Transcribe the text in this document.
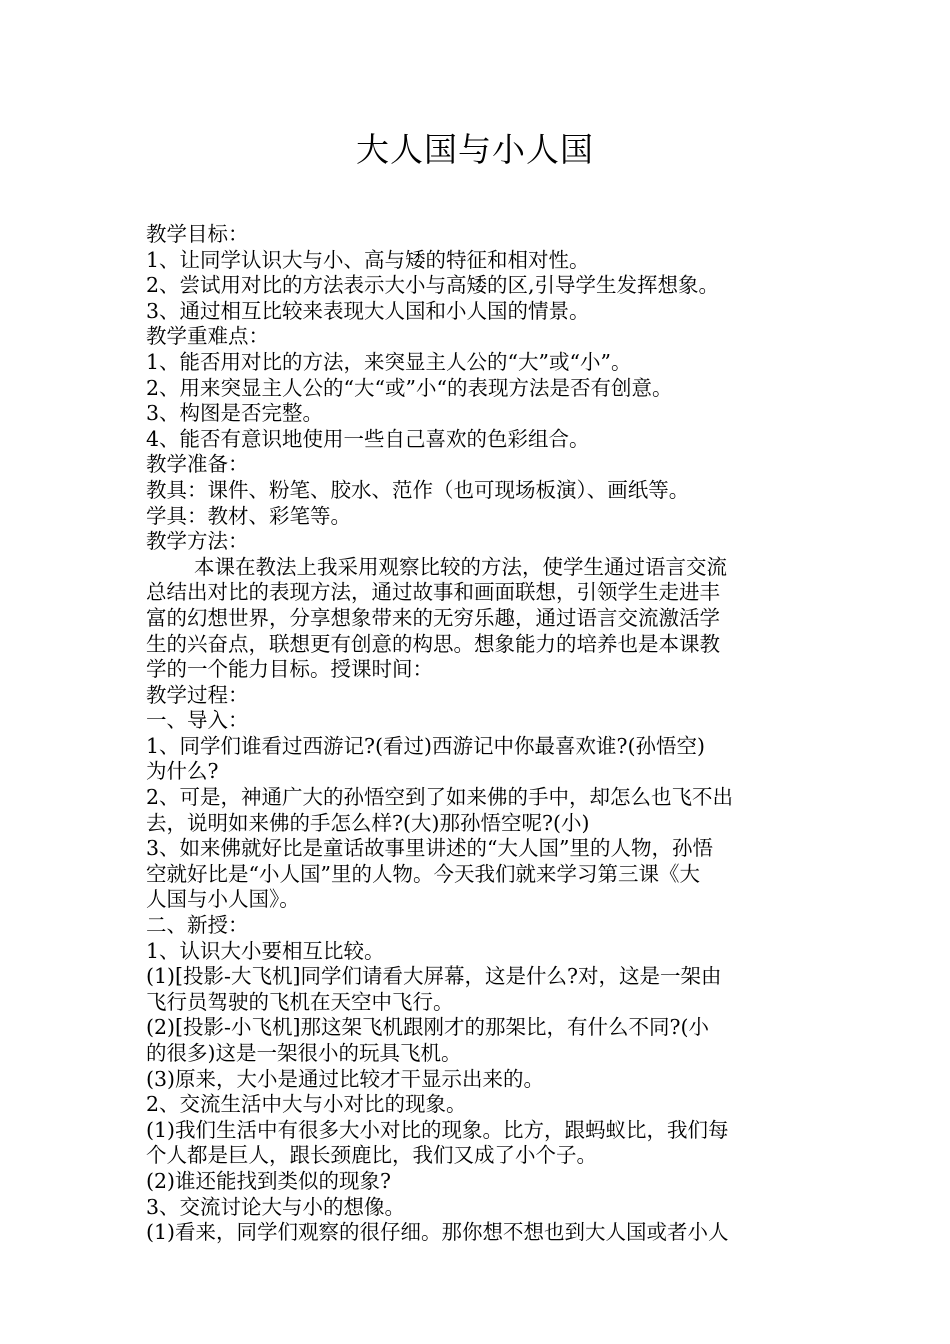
大人国与小人国
教学目标：
1、让同学认识大与小、高与矮的特征和相对性。
2、尝试用对比的方法表示大小与高矮的区,引导学生发挥想象。
3、通过相互比较来表现大人国和小人国的情景。
教学重难点：
1、能否用对比的方法，来突显主人公的“大”或“小”。
2、用来突显主人公的“大“或”小“的表现方法是否有创意。
3、构图是否完整。
4、能否有意识地使用一些自己喜欢的色彩组合。
教学准备：
教具：课件、粉笔、胶水、范作（也可现场板演）、画纸等。
学具：教材、彩笔等。
教学方法：
本课在教法上我采用观察比较的方法，使学生通过语言交流
总结出对比的表现方法，通过故事和画面联想，引领学生走进丰
富的幻想世界，分享想象带来的无穷乐趣，通过语言交流激活学
生的兴奋点，联想更有创意的构思。想象能力的培养也是本课教
学的一个能力目标。授课时间：
教学过程：
一、导入：
1、同学们谁看过西游记?(看过)西游记中你最喜欢谁?(孙悟空)
为什么?
2、可是，神通广大的孙悟空到了如来佛的手中，却怎么也飞不出
去，说明如来佛的手怎么样?(大)那孙悟空呢?(小)
3、如来佛就好比是童话故事里讲述的“大人国”里的人物，孙悟
空就好比是“小人国”里的人物。今天我们就来学习第三课《大
人国与小人国》。
二、新授：
1、认识大小要相互比较。
(1)[投影-大飞机]同学们请看大屏幕，这是什么?对，这是一架由
飞行员驾驶的飞机在天空中飞行。
(2)[投影-小飞机]那这架飞机跟刚才的那架比，有什么不同?(小
的很多)这是一架很小的玩具飞机。
(3)原来，大小是通过比较才干显示出来的。
2、交流生活中大与小对比的现象。
(1)我们生活中有很多大小对比的现象。比方，跟蚂蚁比，我们每
个人都是巨人，跟长颈鹿比，我们又成了小个子。
(2)谁还能找到类似的现象?
3、交流讨论大与小的想像。
(1)看来，同学们观察的很仔细。那你想不想也到大人国或者小人
